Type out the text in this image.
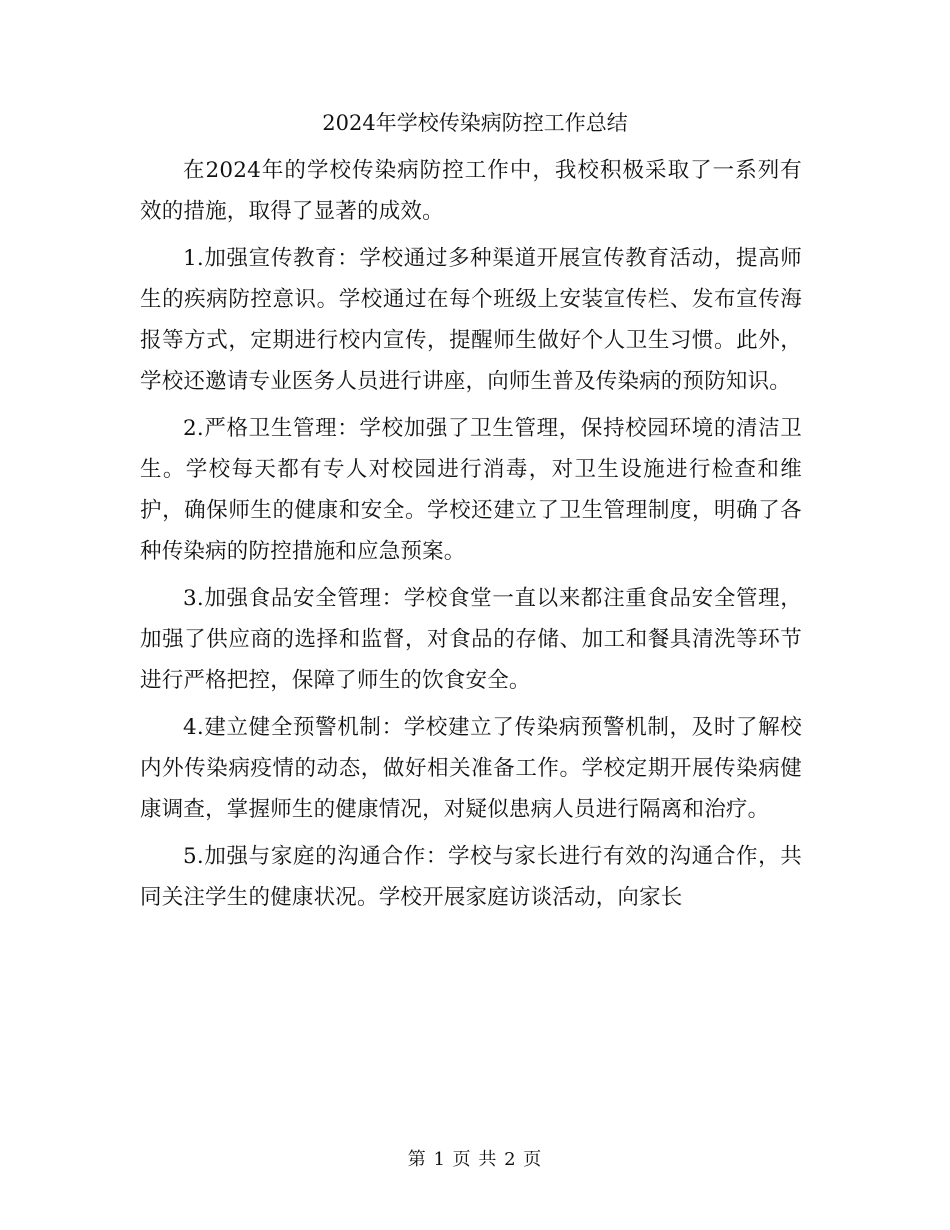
2024年学校传染病防控工作总结

在2024年的学校传染病防控工作中，我校积极采取了一系列有效的措施，取得了显著的成效。

1.加强宣传教育：学校通过多种渠道开展宣传教育活动，提高师生的疾病防控意识。学校通过在每个班级上安装宣传栏、发布宣传海报等方式，定期进行校内宣传，提醒师生做好个人卫生习惯。此外，学校还邀请专业医务人员进行讲座，向师生普及传染病的预防知识。

2.严格卫生管理：学校加强了卫生管理，保持校园环境的清洁卫生。学校每天都有专人对校园进行消毒，对卫生设施进行检查和维护，确保师生的健康和安全。学校还建立了卫生管理制度，明确了各种传染病的防控措施和应急预案。

3.加强食品安全管理：学校食堂一直以来都注重食品安全管理，加强了供应商的选择和监督，对食品的存储、加工和餐具清洗等环节进行严格把控，保障了师生的饮食安全。

4.建立健全预警机制：学校建立了传染病预警机制，及时了解校内外传染病疫情的动态，做好相关准备工作。学校定期开展传染病健康调查，掌握师生的健康情况，对疑似患病人员进行隔离和治疗。

5.加强与家庭的沟通合作：学校与家长进行有效的沟通合作，共同关注学生的健康状况。学校开展家庭访谈活动，向家长

第 1 页 共 2 页
